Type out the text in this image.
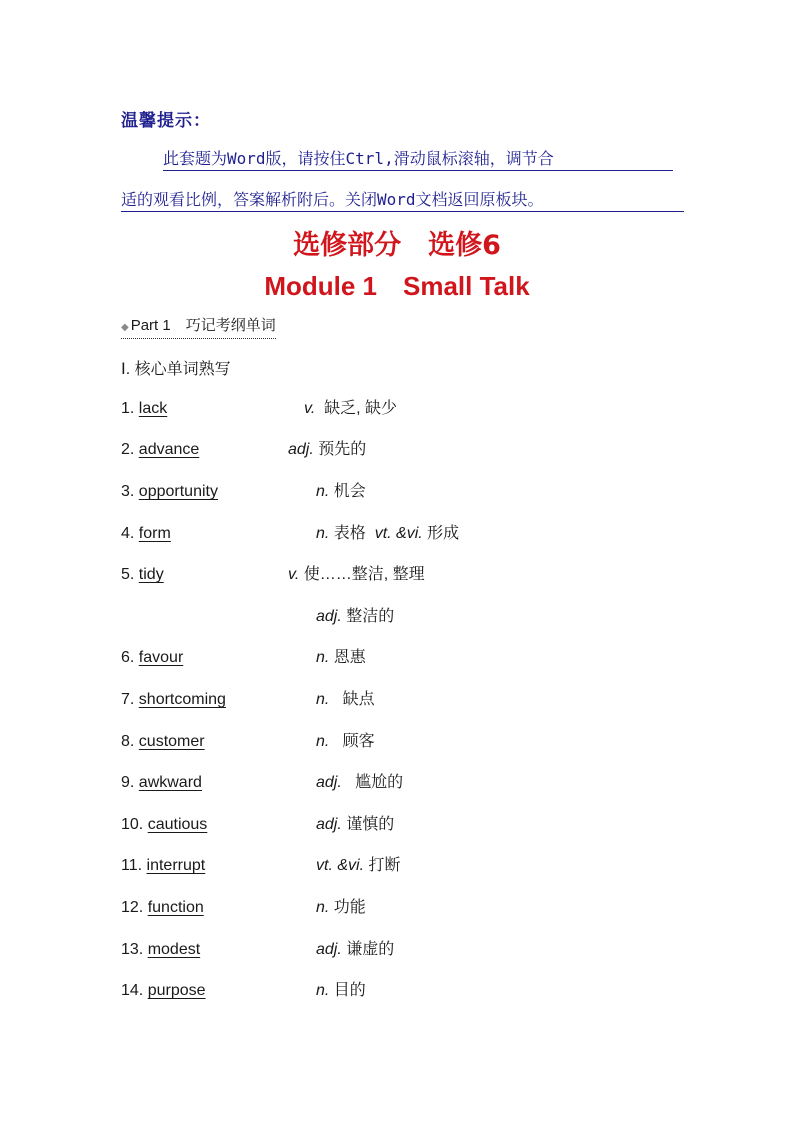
温馨提示：
此套题为Word版，请按住Ctrl,滑动鼠标滚轴，调节合
适的观看比例，答案解析附后。关闭Word文档返回原板块。
选修部分　选修6
Module 1　Small Talk
◆ Part 1　巧记考纲单词
Ⅰ. 核心单词熟写
1. lack	v.  缺乏, 缺少
2. advance	adj. 预先的
3. opportunity	n. 机会
4. form	n. 表格  vt. &vi. 形成
5. tidy	v. 使……整洁, 整理
adj. 整洁的
6. favour	n. 恩惠
7. shortcoming	n.   缺点
8. customer	n.   顾客
9. awkward	adj.   尴尬的
10. cautious	adj. 谨慎的
11. interrupt	vt. &vi. 打断
12. function	n. 功能
13. modest	adj. 谦虚的
14. purpose	n. 目的
